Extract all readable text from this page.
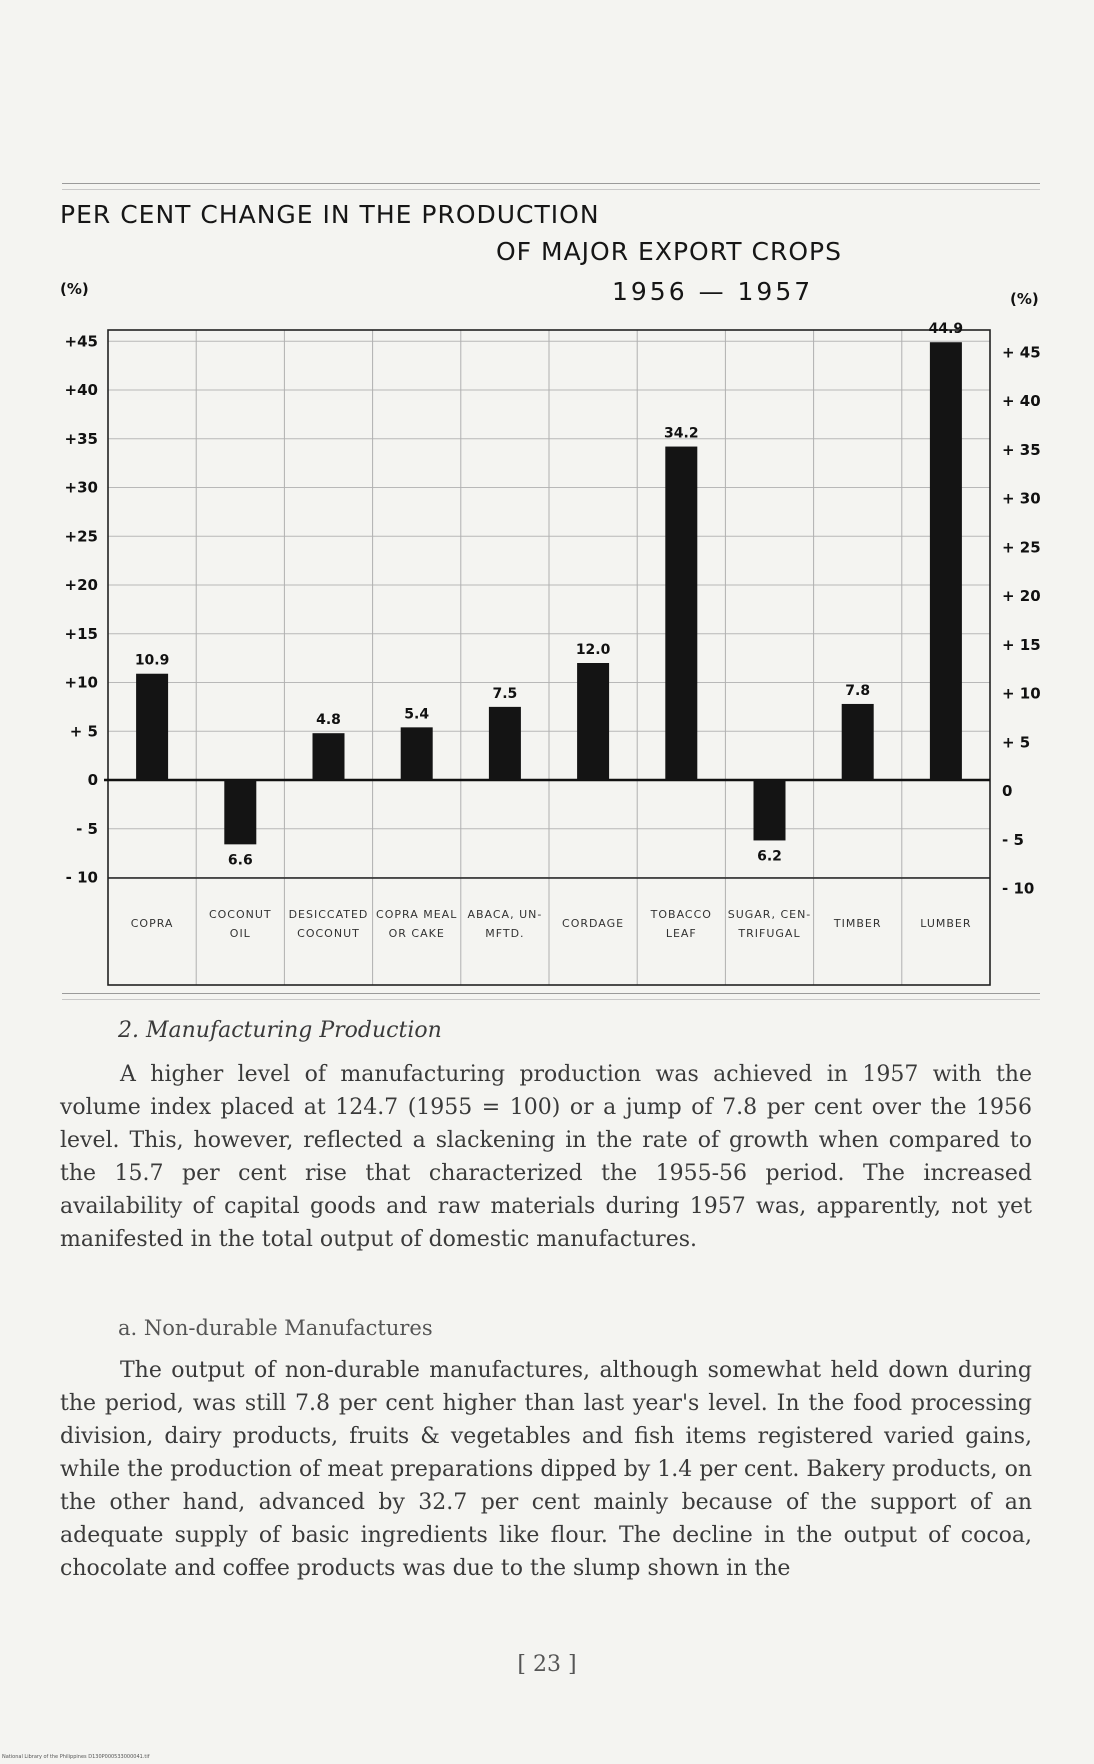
PER CENT CHANGE IN THE PRODUCTION
OF MAJOR EXPORT CROPS
1956 — 1957
(%)
(%)
+45
+ 45
+40
+ 40
+35
+ 35
+30
+ 30
+25
+ 25
+20
+ 20
+15
+ 15
+10
+ 10
+ 5
+ 5
0
0
- 5
- 5
- 10
- 10
10.9
6.6
4.8	5.4
7.5
12.0
34.2
6.2
7.8
44.9
COPRA
COCONUT
OIL
DESICCATED
COCONUT
COPRA MEAL
OR CAKE
ABACA, UN-
MFTD.
CORDAGE
TOBACCO
LEAF
SUGAR, CEN-
TRIFUGAL
TIMBER	LUMBER
2. Manufacturing Production
A higher level of manufacturing production was achieved in 1957 with the volume index placed at 124.7 (1955 = 100) or a jump of 7.8 per cent over the 1956 level. This, however, reflected a slackening in the rate of growth when compared to the 15.7 per cent rise that characterized the 1955-56 period. The increased availability of capital goods and raw materials during 1957 was, apparently, not yet manifested in the total output of domestic manufactures.
a. Non-durable Manufactures
The output of non-durable manufactures, although somewhat held down during the period, was still 7.8 per cent higher than last year's level. In the food processing division, dairy products, fruits & vegetables and fish items registered varied gains, while the production of meat preparations dipped by 1.4 per cent. Bakery products, on the other hand, advanced by 32.7 per cent mainly because of the support of an adequate supply of basic ingredients like flour. The decline in the output of cocoa, chocolate and coffee products was due to the slump shown in the
[ 23 ]
National Library of the Philippines D130P000533000041.tif
